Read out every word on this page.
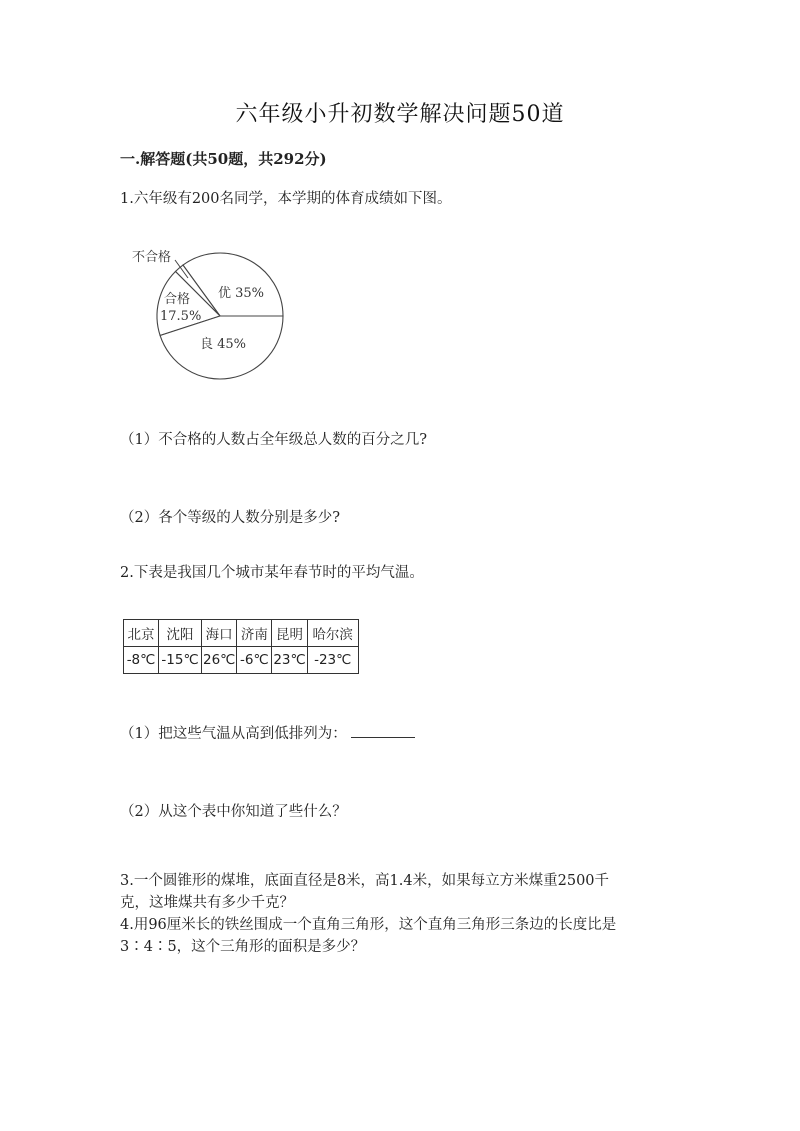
六年级小升初数学解决问题50道
一.解答题(共50题，共292分)
1.六年级有200名同学，本学期的体育成绩如下图。
不合格
合格
17.5%
优 35%
良 45%
（1）不合格的人数占全年级总人数的百分之几?
（2）各个等级的人数分别是多少?
2.下表是我国几个城市某年春节时的平均气温。
北京	沈阳	海口	济南	昆明	哈尔滨
-8℃	-15℃	26℃	-6℃	23℃	-23℃
（1）把这些气温从高到低排列为：
（2）从这个表中你知道了些什么？
3.一个圆锥形的煤堆，底面直径是8米，高1.4米，如果每立方米煤重2500千
克，这堆煤共有多少千克？
4.用96厘米长的铁丝围成一个直角三角形，这个直角三角形三条边的长度比是
3∶4∶5，这个三角形的面积是多少？
